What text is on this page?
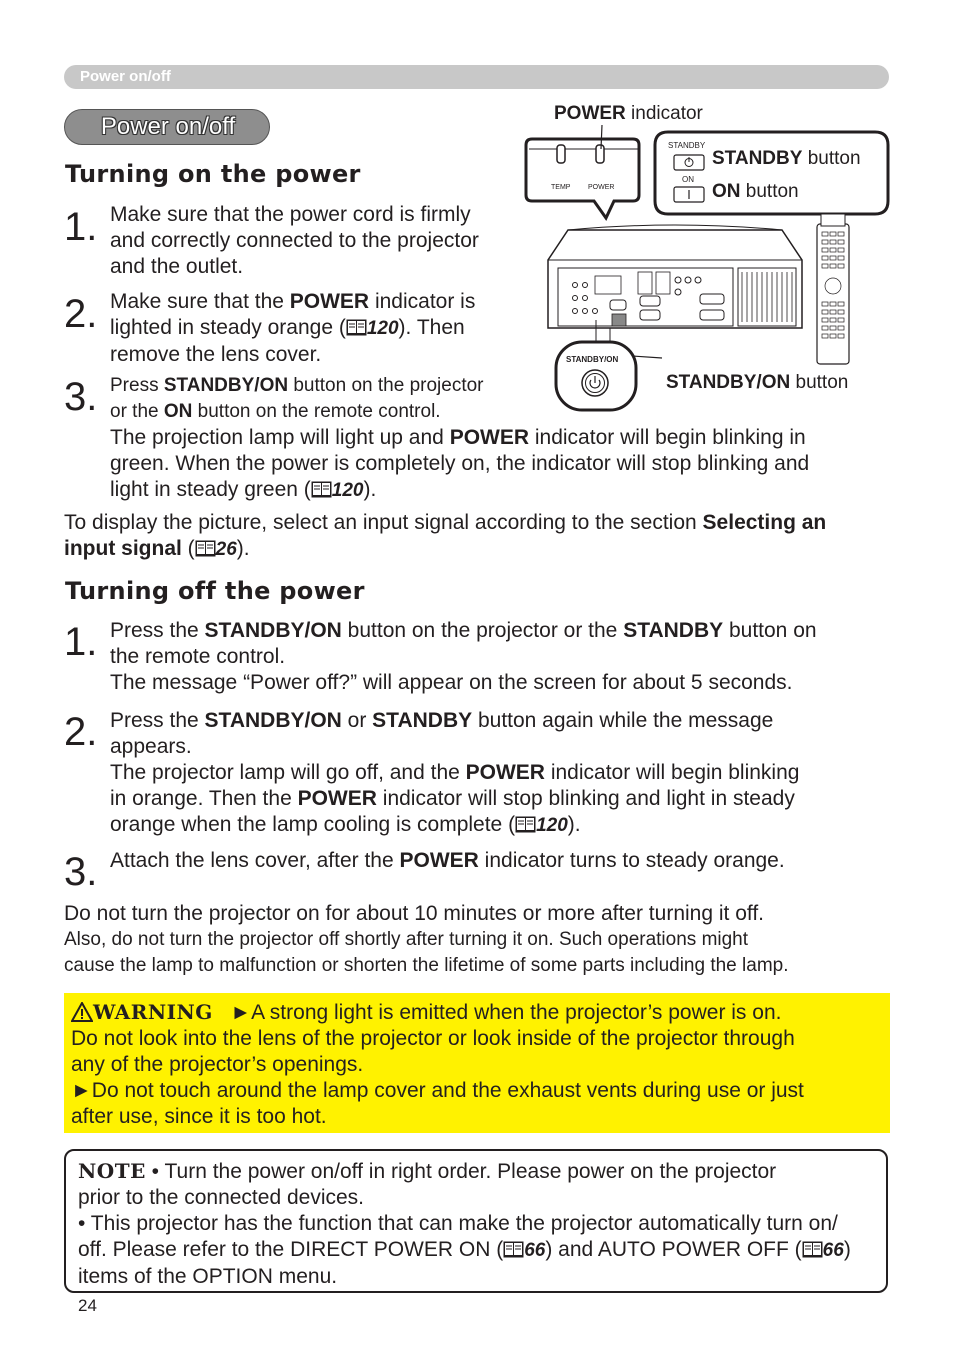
Power on/off
Power on/off
Turning on the power
1. Make sure that the power cord is firmly
and correctly connected to the projector
and the outlet.
2. Make sure that the POWER indicator is
lighted in steady orange ( 120). Then
remove the lens cover.
3. Press STANDBY/ON button on the projector
or the ON button on the remote control.
The projection lamp will light up and POWER indicator will begin blinking in
green. When the power is completely on, the indicator will stop blinking and
light in steady green ( 120).
To display the picture, select an input signal according to the section Selecting an
input signal ( 26).
Turning off the power
1. Press the STANDBY/ON button on the projector or the STANDBY button on
the remote control.
The message “Power off?” will appear on the screen for about 5 seconds.
2. Press the STANDBY/ON or STANDBY button again while the message
appears.
The projector lamp will go off, and the POWER indicator will begin blinking
in orange. Then the POWER indicator will stop blinking and light in steady
orange when the lamp cooling is complete ( 120).
3. Attach the lens cover, after the POWER indicator turns to steady orange.
Do not turn the projector on for about 10 minutes or more after turning it off.
Also, do not turn the projector off shortly after turning it on. Such operations might
cause the lamp to malfunction or shorten the lifetime of some parts including the lamp.
WARNING ►A strong light is emitted when the projector’s power is on.
Do not look into the lens of the projector or look inside of the projector through
any of the projector’s openings.
►Do not touch around the lamp cover and the exhaust vents during use or just
after use, since it is too hot.
NOTE • Turn the power on/off in right order. Please power on the projector
prior to the connected devices.
• This projector has the function that can make the projector automatically turn on/
off. Please refer to the DIRECT POWER ON ( 66) and AUTO POWER OFF ( 66)
items of the OPTION menu.
24
POWER indicator
TEMP	POWER
STANDBY
ON
STANDBY button
ON button
STANDBY/ON
STANDBY/ON button
